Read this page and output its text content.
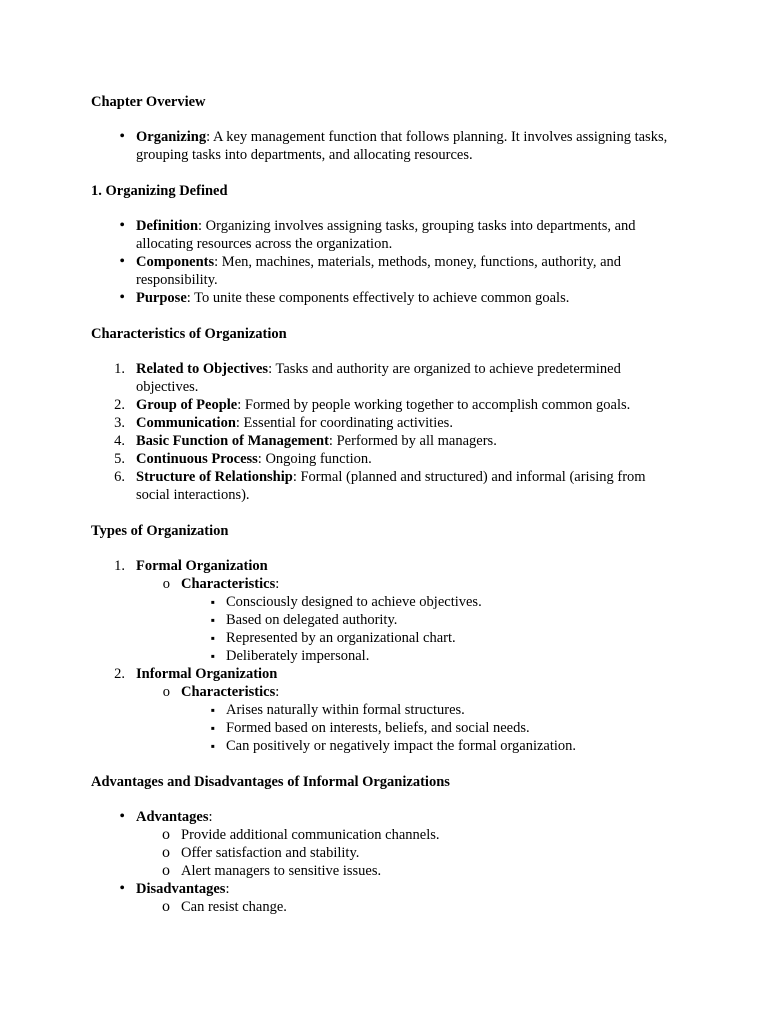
Chapter Overview
•
Organizing: A key management function that follows planning. It involves assigning tasks, grouping tasks into departments, and allocating resources.
1. Organizing Defined
•
Definition: Organizing involves assigning tasks, grouping tasks into departments, and allocating resources across the organization.
•
Components: Men, machines, materials, methods, money, functions, authority, and responsibility.
•
Purpose: To unite these components effectively to achieve common goals.
Characteristics of Organization
1. Related to Objectives: Tasks and authority are organized to achieve predetermined objectives.
2. Group of People: Formed by people working together to accomplish common goals.
3. Communication: Essential for coordinating activities.
4. Basic Function of Management: Performed by all managers.
5. Continuous Process: Ongoing function.
6. Structure of Relationship: Formal (planned and structured) and informal (arising from social interactions).
Types of Organization
1. Formal Organization
o
Characteristics:
▪
Consciously designed to achieve objectives.
▪
Based on delegated authority.
▪
Represented by an organizational chart.
▪
Deliberately impersonal.
2. Informal Organization
o
Characteristics:
▪
Arises naturally within formal structures.
▪
Formed based on interests, beliefs, and social needs.
▪
Can positively or negatively impact the formal organization.
Advantages and Disadvantages of Informal Organizations
•
Advantages:
o
Provide additional communication channels.
o
Offer satisfaction and stability.
o
Alert managers to sensitive issues.
•
Disadvantages:
o
Can resist change.
